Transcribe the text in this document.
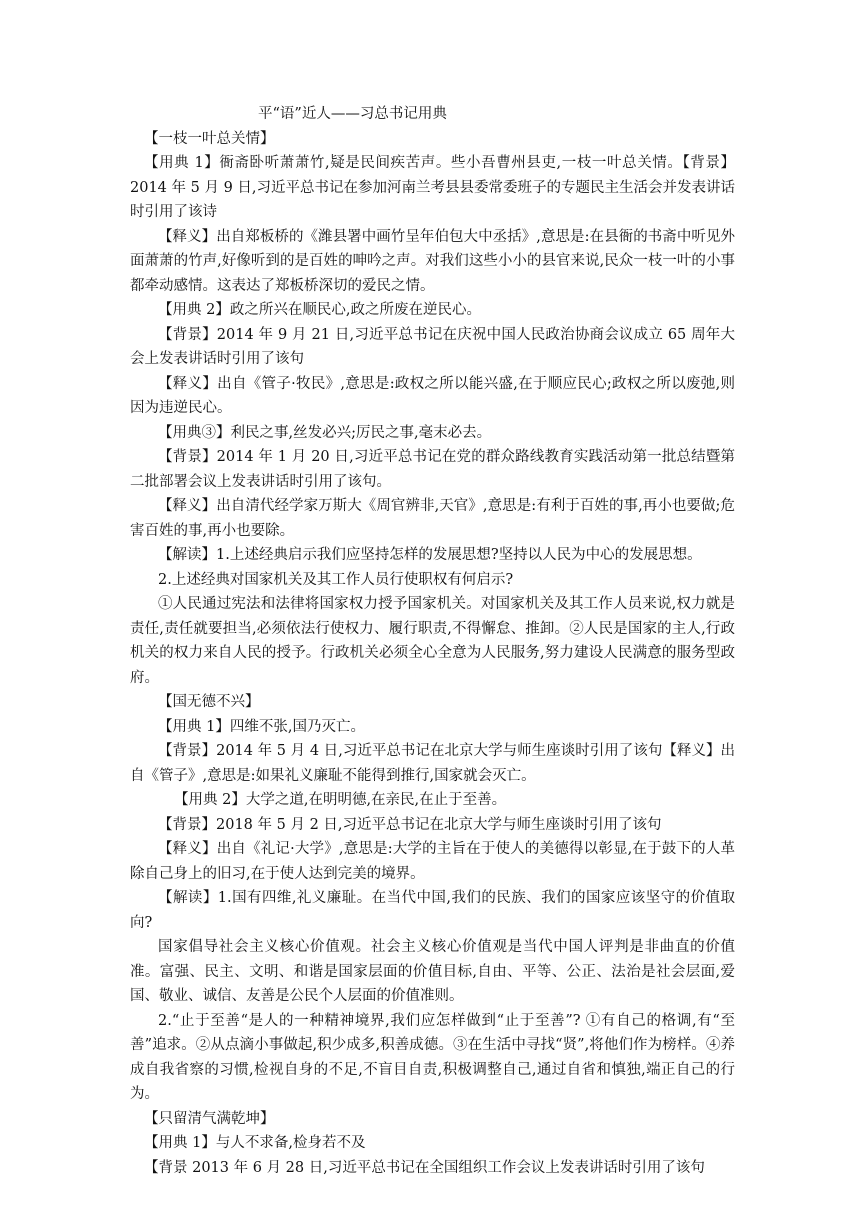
平“语”近人——习总书记用典

【一枝一叶总关情】

【用典 1】衙斋卧听萧萧竹,疑是民间疾苦声。些小吾曹州县吏,一枝一叶总关情。【背景】2014 年 5 月 9 日,习近平总书记在参加河南兰考县县委常委班子的专题民主生活会并发表讲话时引用了该诗

【释义】出自郑板桥的《潍县署中画竹呈年伯包大中丞括》,意思是:在县衙的书斋中听见外面萧萧的竹声,好像听到的是百姓的呻吟之声。对我们这些小小的县官来说,民众一枝一叶的小事都牵动感情。这表达了郑板桥深切的爱民之情。

【用典 2】政之所兴在顺民心,政之所废在逆民心。

【背景】2014 年 9 月 21 日,习近平总书记在庆祝中国人民政治协商会议成立 65 周年大会上发表讲话时引用了该句

【释义】出自《管子·牧民》,意思是:政权之所以能兴盛,在于顺应民心;政权之所以废弛,则因为违逆民心。

【用典③】利民之事,丝发必兴;厉民之事,毫末必去。

【背景】2014 年 1 月 20 日,习近平总书记在党的群众路线教育实践活动第一批总结暨第二批部署会议上发表讲话时引用了该句。

【释义】出自清代经学家万斯大《周官辨非,天官》,意思是:有利于百姓的事,再小也要做;危害百姓的事,再小也要除。

【解读】1.上述经典启示我们应坚持怎样的发展思想?坚持以人民为中心的发展思想。

2.上述经典对国家机关及其工作人员行使职权有何启示?

①人民通过宪法和法律将国家权力授予国家机关。对国家机关及其工作人员来说,权力就是责任,责任就要担当,必须依法行使权力、履行职责,不得懈怠、推卸。②人民是国家的主人,行政机关的权力来自人民的授予。行政机关必须全心全意为人民服务,努力建设人民满意的服务型政府。

【国无德不兴】

【用典 1】四维不张,国乃灭亡。

【背景】2014 年 5 月 4 日,习近平总书记在北京大学与师生座谈时引用了该句【释义】出自《管子》,意思是:如果礼义廉耻不能得到推行,国家就会灭亡。

【用典 2】大学之道,在明明德,在亲民,在止于至善。

【背景】2018 年 5 月 2 日,习近平总书记在北京大学与师生座谈时引用了该句

【释义】出自《礼记·大学》,意思是:大学的主旨在于使人的美德得以彰显,在于鼓下的人革除自己身上的旧习,在于使人达到完美的境界。

【解读】1.国有四维,礼义廉耻。在当代中国,我们的民族、我们的国家应该坚守的价值取向?

国家倡导社会主义核心价值观。社会主义核心价值观是当代中国人评判是非曲直的价值准。富强、民主、文明、和谐是国家层面的价值目标,自由、平等、公正、法治是社会层面,爱国、敬业、诚信、友善是公民个人层面的价值准则。

2.“止于至善“是人的一种精神境界,我们应怎样做到“止于至善”? ①有自己的格调,有“至善”追求。②从点滴小事做起,积少成多,积善成德。③在生活中寻找“贤”,将他们作为榜样。④养成自我省察的习惯,检视自身的不足,不盲目自责,积极调整自己,通过自省和慎独,端正自己的行为。

【只留清气满乾坤】

【用典 1】与人不求备,检身若不及

【背景 2013 年 6 月 28 日,习近平总书记在全国组织工作会议上发表讲话时引用了该句
